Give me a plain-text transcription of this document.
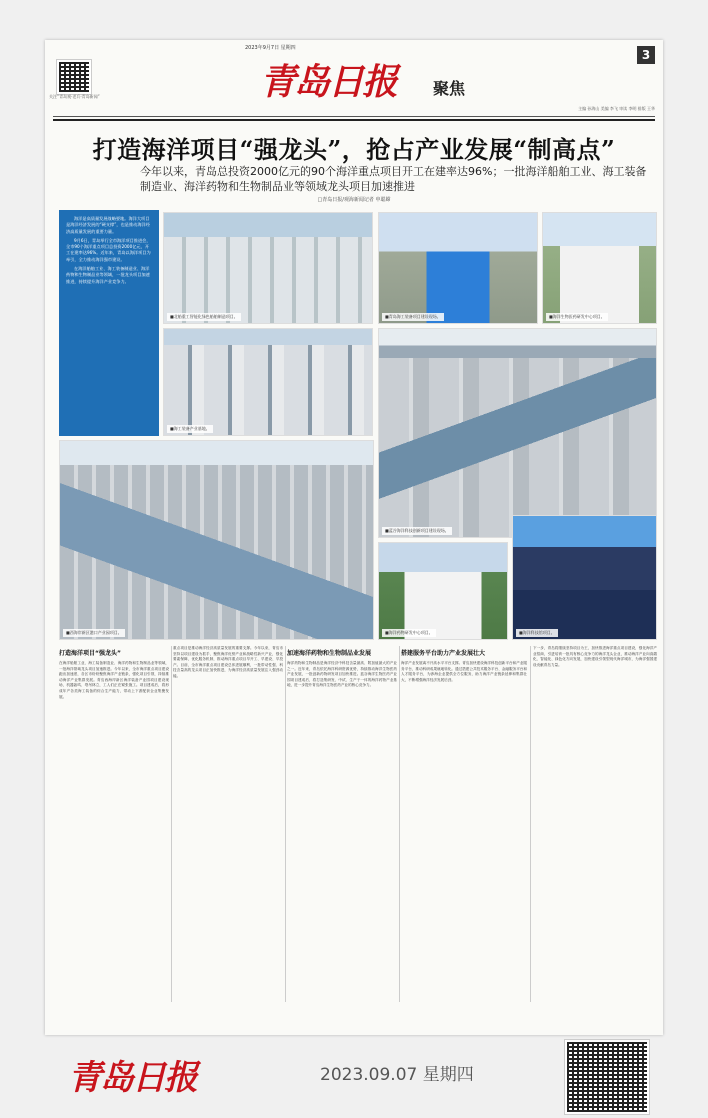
2023年9月7日 星期四	3
关注“青岛观·老兵·青岛新闻”	青岛日报 聚焦
主编 孙海山 美编 李飞 审读 李明 排版 王华
打造海洋项目“强龙头”，抢占产业发展“制高点”
今年以来，青岛总投资2000亿元的90个海洋重点项目开工在建率达96%；一批海洋船舶工业、海工装备制造业、海洋药物和生物制品业等领域龙头项目加速推进
□青岛日报/观海新闻记者 申聪嫦

海洋是高质量发展战略要地。海洋大项目是海洋经济发展的“硬支撑”，也是推动海洋经济高质量发展的重要力量。

9月6日，青岛举行全市海洋项目推进会，全市90个海洋重点项目总投资2000亿元，开工在建率达96%。近年来，青岛以海洋项目为牵引，全力推动海洋强市建设。

在海洋船舶工业、海工装备制造业、海洋药物和生物制品业等领域，一批龙头项目加速推进，持续提升海洋产业竞争力。

■北船重工智能化绿色船舶制造项目。	■青岛海工装备项目建设现场。	■海洋生物医药研发中心项目。
■海工装备产业基地。
■蓝谷海洋科技创新项目建设现场。
■西海岸新区港口产业园项目。	■海洋药物研发中心项目。	■海洋科技馆项目。
打造海洋项目“强龙头”
在海洋船舶工业、海工装备制造业、海洋药物和生物制品业等领域，一批海洋领域龙头项目加速推进。今年以来，全市海洋重点项目建设跑出加速度，各区市纷纷聚焦海洋产业链条，强化项目引领，持续推动海洋产业集群发展。青岛西海岸新区海洋装备产业园项目建设现场，机器轰鸣、塔吊林立，工人们正在紧张施工。项目建成后，将形成年产各类海工装备的综合生产能力，带动上下游配套企业集聚发展。
重点项目是推动海洋经济高质量发展的重要支撑。今年以来，青岛市坚持以项目建设为抓手，聚焦海洋优势产业和战略性新兴产业，强化要素保障，优化服务机制，推动海洋重点项目早开工、早建设、早投产。目前，全市海洋重点项目建设总体进展顺利，一批带动性强、科技含量高的龙头项目正加快推进，为海洋经济高质量发展注入强劲动能。
加速海洋药物和生物制品业发展
海洋药物和生物制品是海洋经济中科技含量最高、附加值最大的产业之一。近年来，青岛依托海洋科研资源优势，持续推动海洋生物医药产业发展，一批创新药物研发项目加快推进。蓝谷海洋生物医药产业园项目建成后，将打造集研发、中试、生产于一体的海洋药物产业基地，进一步提升青岛海洋生物医药产业的核心竞争力。
搭建服务平台助力产业发展壮大
海洋产业发展离不开高水平平台支撑。青岛加快建设海洋科技创新平台和产业服务平台，推动科研成果就地转化。通过搭建公共技术服务平台、金融服务平台和人才服务平台，为涉海企业提供全方位服务，助力海洋产业链条延伸和集群壮大，不断增强海洋经济发展后劲。
下一步，青岛将继续坚持项目为王，加快推进海洋重点项目建设，强化海洋产业招商，引进培育一批具有核心竞争力的海洋龙头企业，推动海洋产业向高端化、智能化、绿色化方向发展，加快建设引领型现代海洋城市，为海洋强国建设贡献青岛力量。
青岛日报	2023.09.07 星期四
